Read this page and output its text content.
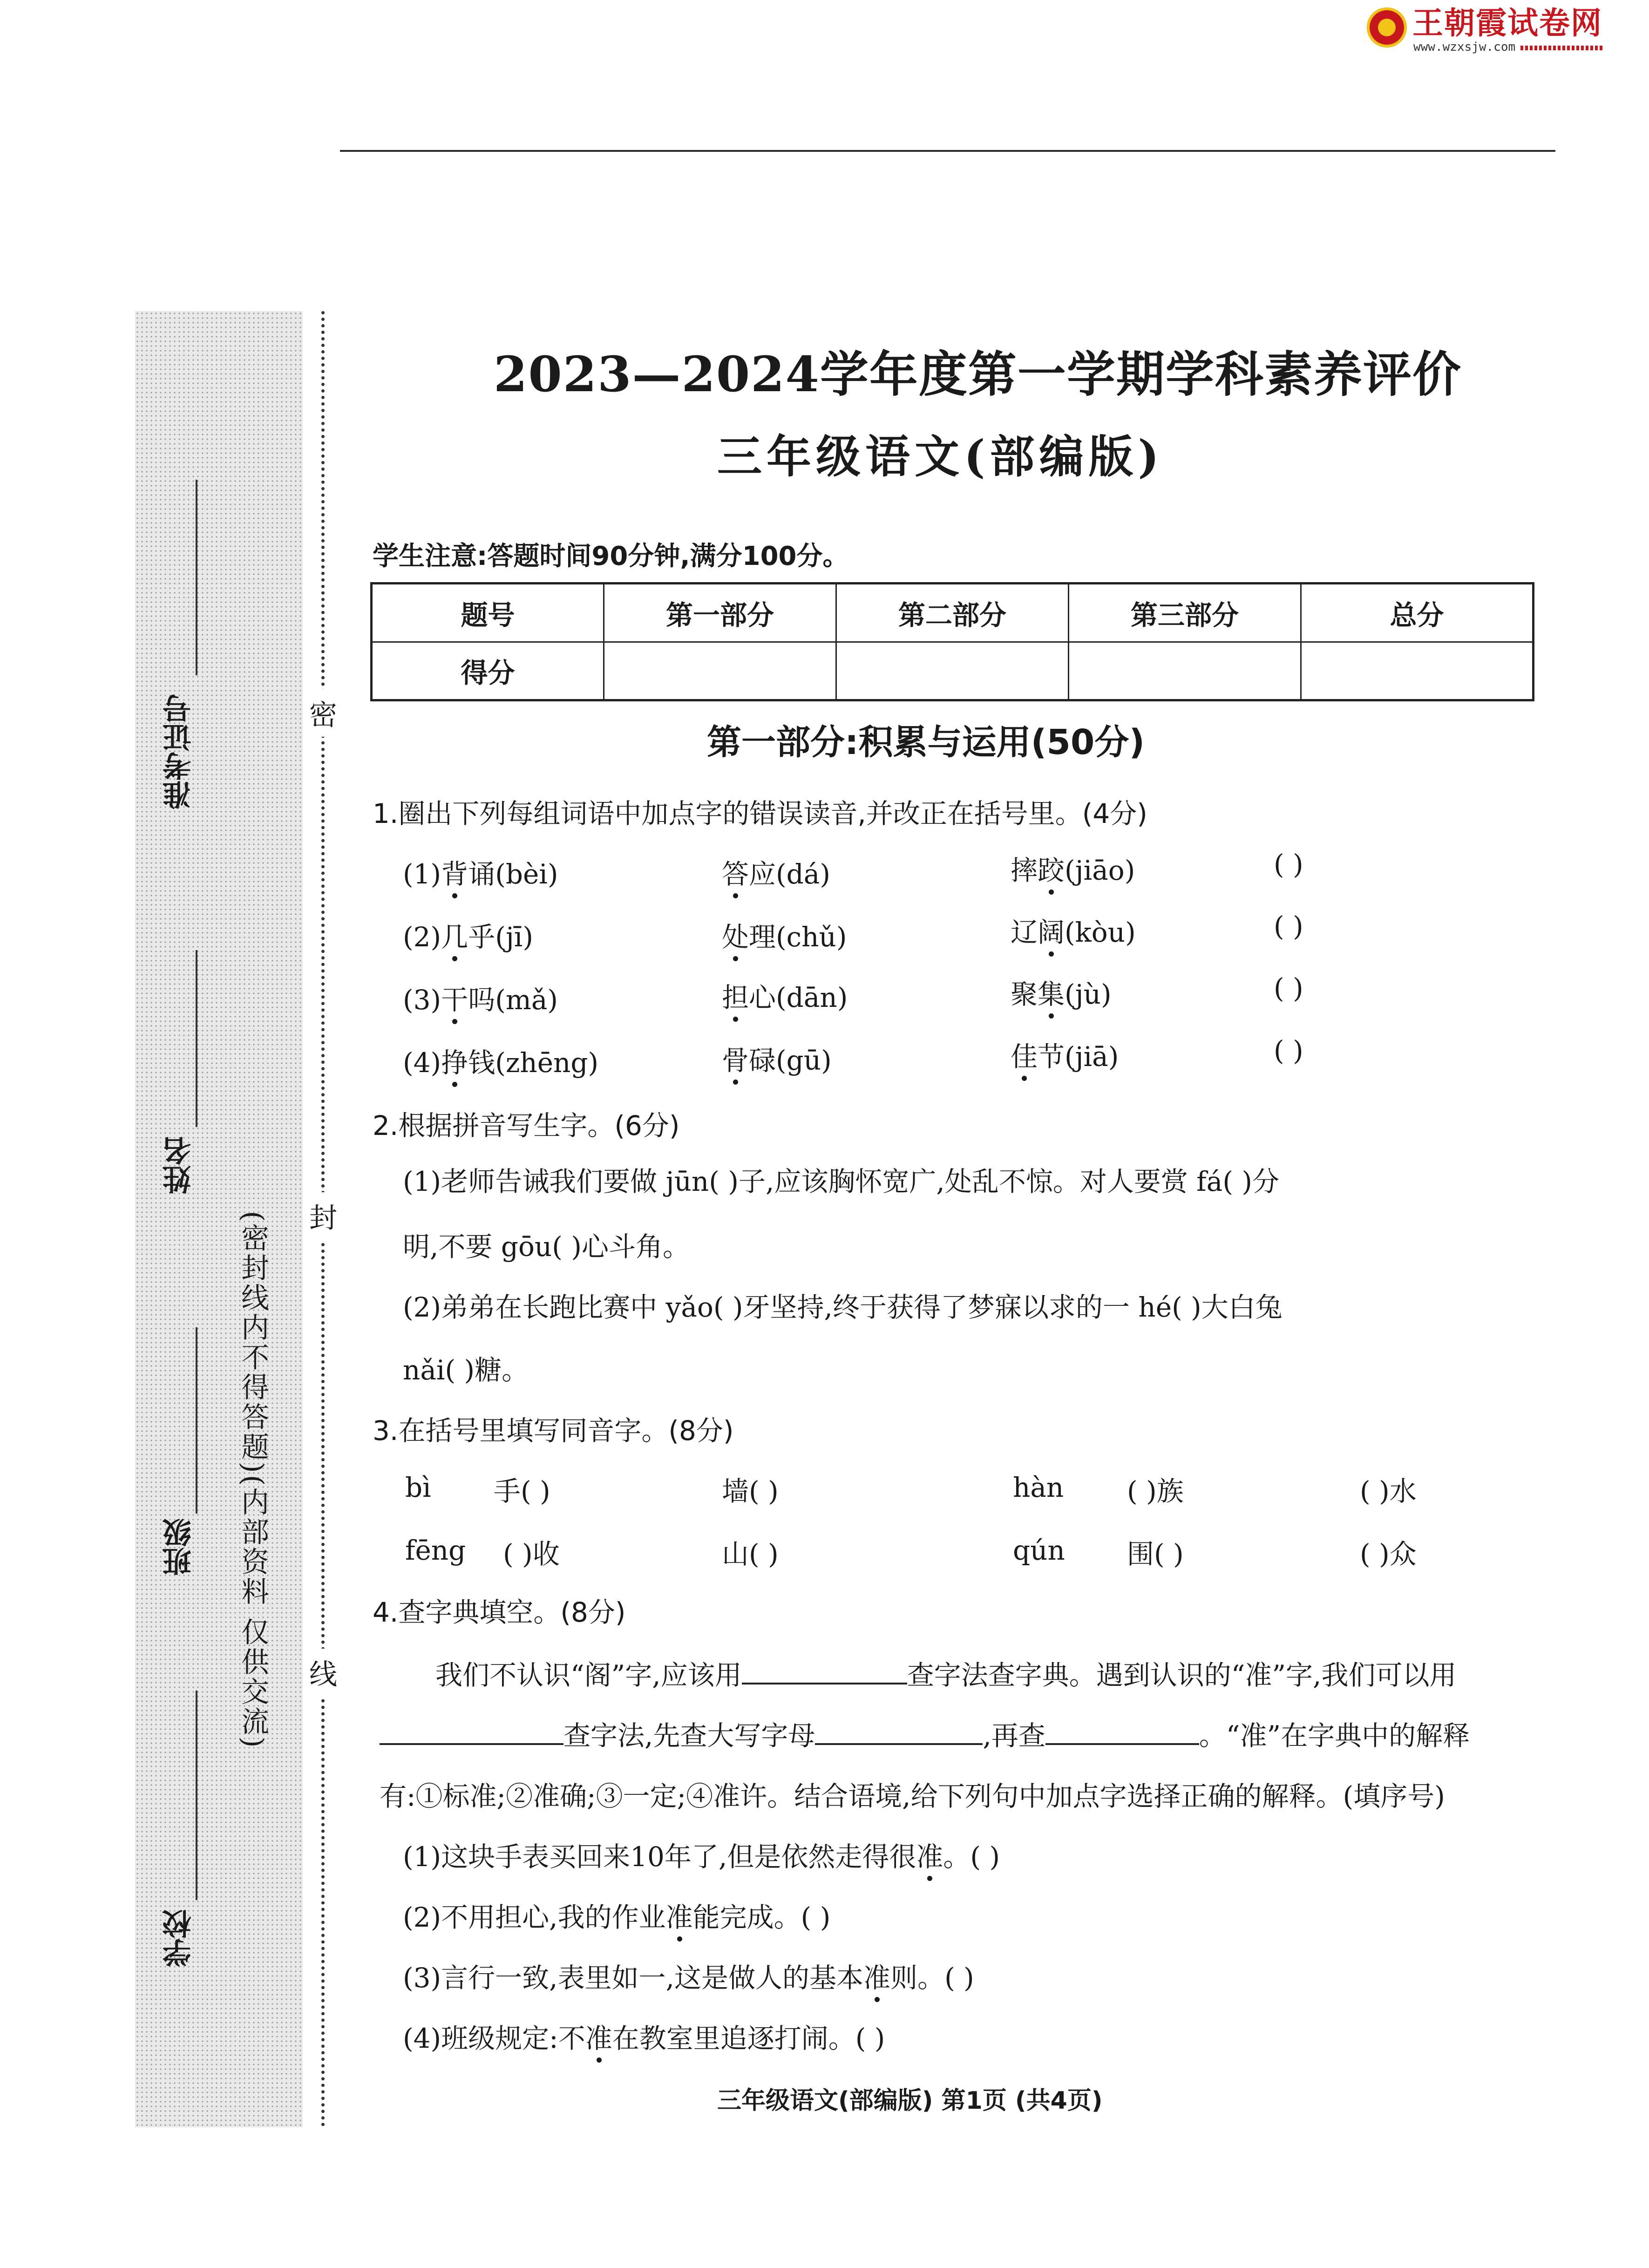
王朝霞试卷网
www.wzxsjw.com
准考证号
姓名
班级
学校
(密封线内不得答题)(内部资料 仅供交流)
密
封
线
2023—2024学年度第一学期学科素养评价
三年级语文(部编版)
学生注意:答题时间90分钟,满分100分。
题号	第一部分	第二部分	第三部分	总分
得分				
第一部分:积累与运用(50分)
1.圈出下列每组词语中加点字的错误读音,并改正在括号里。(4分)
(1)背诵(bèi)	答应(dá)	摔跤(jiāo)	( )
(2)几乎(jī)	处理(chǔ)	辽阔(kòu)	( )
(3)干吗(mǎ)	担心(dān)	聚集(jù)	( )
(4)挣钱(zhēng)	骨碌(gū)	佳节(jiā)	( )
2.根据拼音写生字。(6分)
(1)老师告诫我们要做 jūn( )子,应该胸怀宽广,处乱不惊。对人要赏 fá( )分
明,不要 gōu( )心斗角。
(2)弟弟在长跑比赛中 yǎo( )牙坚持,终于获得了梦寐以求的一 hé( )大白兔
nǎi( )糖。
3.在括号里填写同音字。(8分)
bì 手( )	墙( )	hàn ( )族	( )水
fēng ( )收	山( )	qún 围( )	( )众
4.查字典填空。(8分)
我们不认识“阁”字,应该用	查字法查字典。遇到认识的“准”字,我们可以用
查字法,先查大写字母	,再查	。“准”在字典中的解释
有:①标准;②准确;③一定;④准许。结合语境,给下列句中加点字选择正确的解释。(填序号)
(1)这块手表买回来10年了,但是依然走得很准。( )
(2)不用担心,我的作业准能完成。( )
(3)言行一致,表里如一,这是做人的基本准则。( )
(4)班级规定:不准在教室里追逐打闹。( )
三年级语文(部编版) 第1页 (共4页)
